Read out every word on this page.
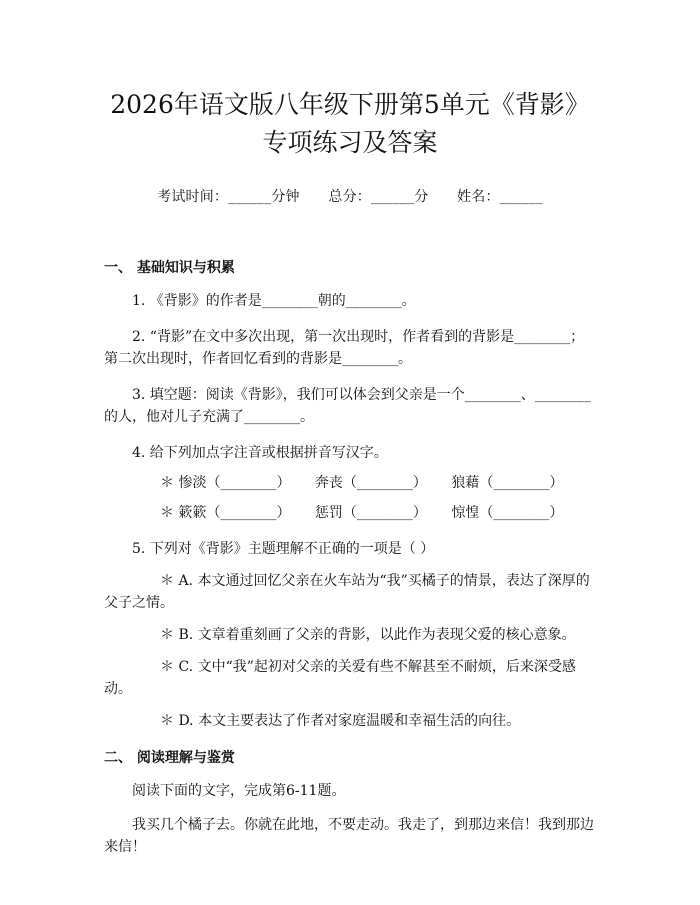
2026年语文版八年级下册第5单元《背影》
专项练习及答案
考试时间：______分钟 总分：______分 姓名：______
一、 基础知识与积累

1. 《背影》的作者是________朝的________。

2. “背影”在文中多次出现，第一次出现时，作者看到的背影是________；第二次出现时，作者回忆看到的背影是________。

3. 填空题：阅读《背影》，我们可以体会到父亲是一个________、________的人，他对儿子充满了________。

4. 给下列加点字注音或根据拼音写汉字。

＊ 惨淡（________） 奔丧（________） 狼藉（________）
＊ 簌簌（________） 惩罚（________） 惊惶（________）

5. 下列对《背影》主题理解不正确的一项是（ ）

＊ A. 本文通过回忆父亲在火车站为“我”买橘子的情景，表达了深厚的父子之情。

＊ B. 文章着重刻画了父亲的背影，以此作为表现父爱的核心意象。

＊ C. 文中“我”起初对父亲的关爱有些不解甚至不耐烦，后来深受感动。

＊ D. 本文主要表达了作者对家庭温暖和幸福生活的向往。

二、 阅读理解与鉴赏

阅读下面的文字，完成第6-11题。

我买几个橘子去。你就在此地，不要走动。我走了，到那边来信！我到那边来信！
